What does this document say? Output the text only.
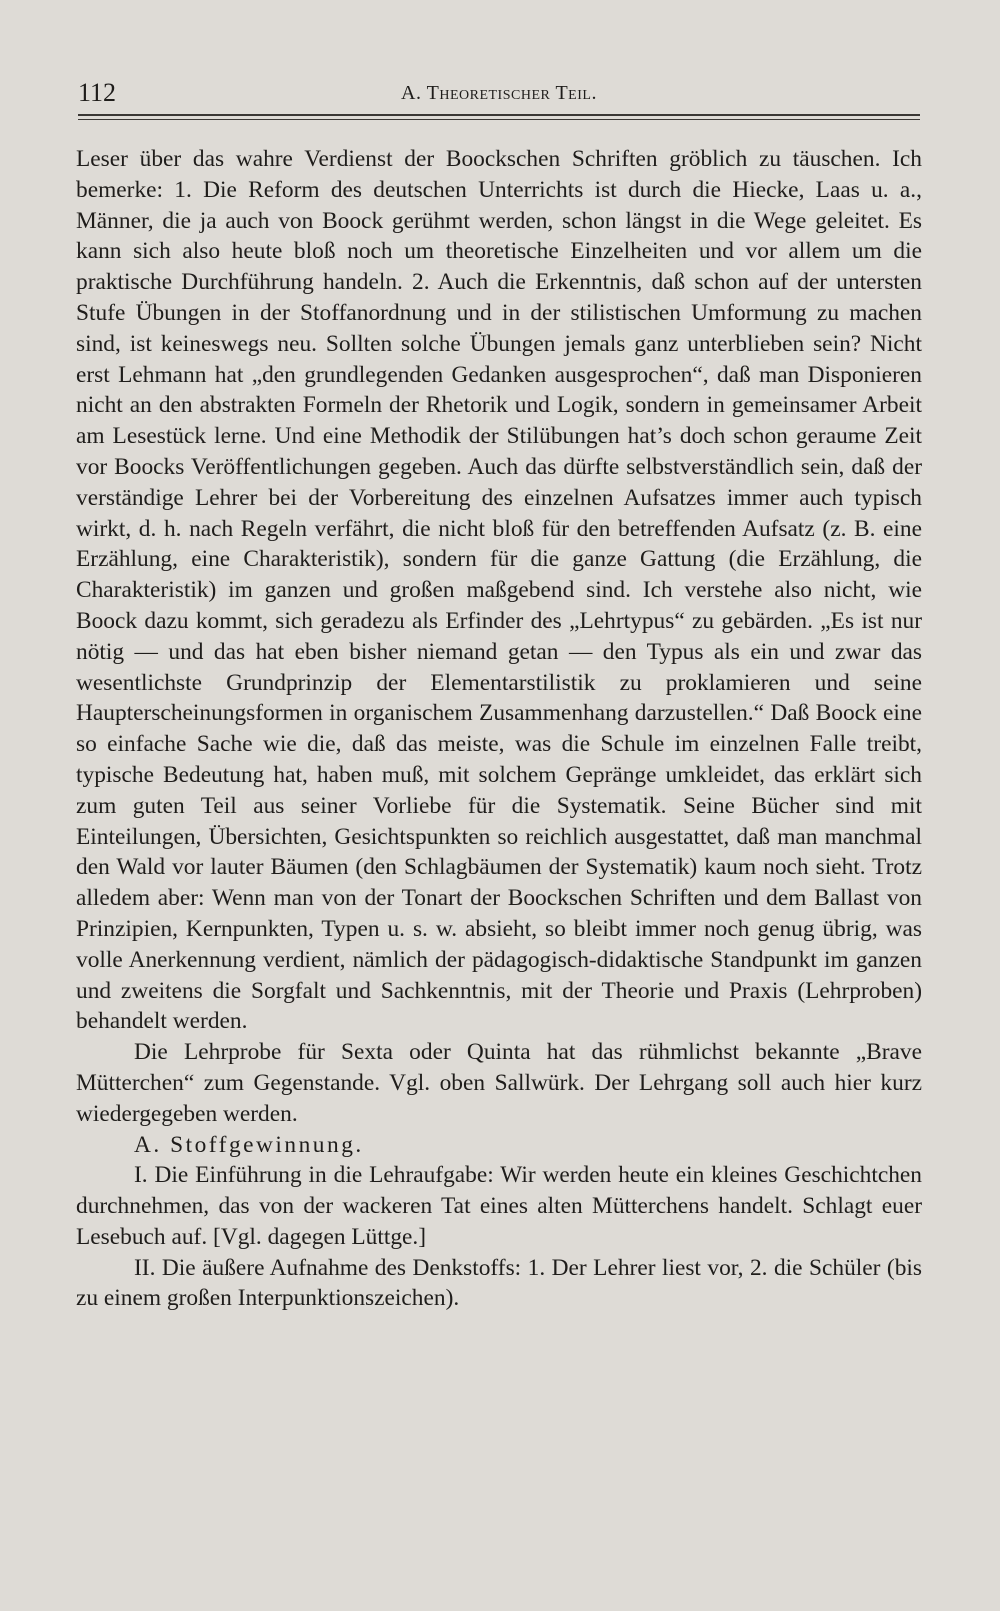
112	A. Theoretischer Teil.

Leser über das wahre Verdienst der Boockschen Schriften gröblich zu täuschen. Ich bemerke: 1. Die Reform des deutschen Unterrichts ist durch die Hiecke, Laas u. a., Männer, die ja auch von Boock gerühmt werden, schon längst in die Wege geleitet. Es kann sich also heute bloß noch um theoretische Einzelheiten und vor allem um die praktische Durchführung handeln. 2. Auch die Erkenntnis, daß schon auf der untersten Stufe Übungen in der Stoffanordnung und in der stilistischen Umformung zu machen sind, ist keineswegs neu. Sollten solche Übungen jemals ganz unterblieben sein? Nicht erst Lehmann hat „den grundlegenden Gedanken ausgesprochen“, daß man Disponieren nicht an den abstrakten Formeln der Rhetorik und Logik, sondern in gemeinsamer Arbeit am Lesestück lerne. Und eine Methodik der Stilübungen hat’s doch schon geraume Zeit vor Boocks Veröffentlichungen gegeben. Auch das dürfte selbstverständlich sein, daß der verständige Lehrer bei der Vorbereitung des einzelnen Aufsatzes immer auch typisch wirkt, d. h. nach Regeln verfährt, die nicht bloß für den betreffenden Aufsatz (z. B. eine Erzählung, eine Charakteristik), sondern für die ganze Gattung (die Erzählung, die Charakteristik) im ganzen und großen maßgebend sind. Ich verstehe also nicht, wie Boock dazu kommt, sich geradezu als Erfinder des „Lehrtypus“ zu gebärden. „Es ist nur nötig — und das hat eben bisher niemand getan — den Typus als ein und zwar das wesentlichste Grundprinzip der Elementarstilistik zu proklamieren und seine Haupterscheinungsformen in organischem Zusammenhang darzustellen.“ Daß Boock eine so einfache Sache wie die, daß das meiste, was die Schule im einzelnen Falle treibt, typische Bedeutung hat, haben muß, mit solchem Gepränge umkleidet, das erklärt sich zum guten Teil aus seiner Vorliebe für die Systematik. Seine Bücher sind mit Einteilungen, Übersichten, Gesichtspunkten so reichlich ausgestattet, daß man manchmal den Wald vor lauter Bäumen (den Schlagbäumen der Systematik) kaum noch sieht. Trotz alledem aber: Wenn man von der Tonart der Boockschen Schriften und dem Ballast von Prinzipien, Kernpunkten, Typen u. s. w. absieht, so bleibt immer noch genug übrig, was volle Anerkennung verdient, nämlich der pädagogisch-didaktische Standpunkt im ganzen und zweitens die Sorgfalt und Sachkenntnis, mit der Theorie und Praxis (Lehrproben) behandelt werden.

Die Lehrprobe für Sexta oder Quinta hat das rühmlichst bekannte „Brave Mütterchen“ zum Gegenstande. Vgl. oben Sallwürk. Der Lehrgang soll auch hier kurz wiedergegeben werden.

A. Stoffgewinnung.

I. Die Einführung in die Lehraufgabe: Wir werden heute ein kleines Geschichtchen durchnehmen, das von der wackeren Tat eines alten Mütterchens handelt. Schlagt euer Lesebuch auf. [Vgl. dagegen Lüttge.]

II. Die äußere Aufnahme des Denkstoffs: 1. Der Lehrer liest vor, 2. die Schüler (bis zu einem großen Interpunktionszeichen).
